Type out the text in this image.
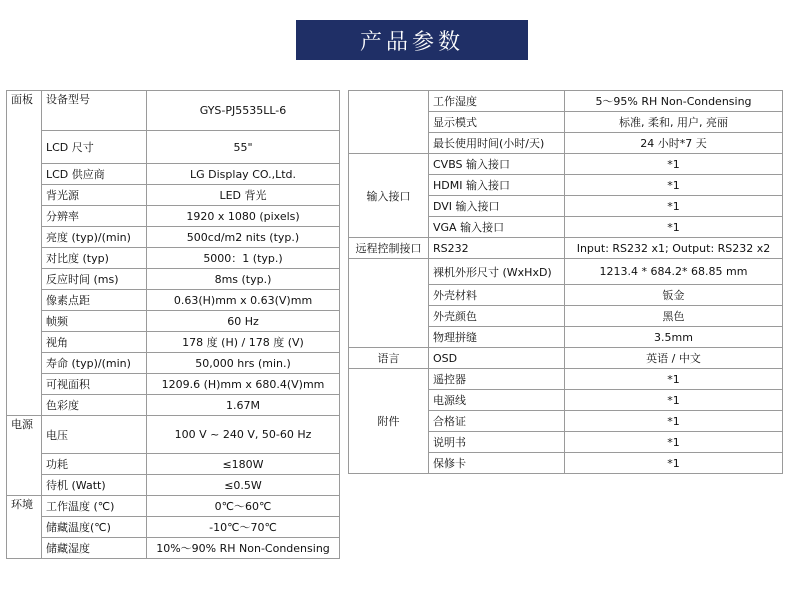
产品参数
面板	设备型号	GYS-PJ5535LL-6
	LCD 尺寸	55"
	LCD 供应商	LG Display CO.,Ltd.
	背光源	LED 背光
	分辨率	1920 x 1080 (pixels)
	亮度 (typ)/(min)	500cd/m2 nits (typ.)
	对比度 (typ)	5000：1 (typ.)
	反应时间 (ms)	8ms (typ.)
	像素点距	0.63(H)mm x 0.63(V)mm
	帧频	60 Hz
	视角	178 度 (H) / 178 度 (V)
	寿命 (typ)/(min)	50,000 hrs (min.)
	可视面积	1209.6 (H)mm x 680.4(V)mm
	色彩度	1.67M
电源	电压	100 V ~ 240 V, 50-60 Hz
	功耗	≤180W
	待机 (Watt)	≤0.5W
环境	工作温度 (℃)	0℃～60℃
	储藏温度(℃)	-10℃～70℃
	储藏湿度	10%～90% RH Non-Condensing
	工作湿度	5～95% RH Non-Condensing
	显示模式	标准, 柔和, 用户, 亮丽
	最长使用时间(小时/天)	24 小时*7 天
输入接口	CVBS 输入接口	*1
	HDMI 输入接口	*1
	DVI 输入接口	*1
	VGA 输入接口	*1
远程控制接口	RS232	Input: RS232 x1; Output: RS232 x2
	裸机外形尺寸 (WxHxD)	1213.4 * 684.2* 68.85 mm
	外壳材料	钣金
	外壳颜色	黑色
	物理拼缝	3.5mm
语言	OSD	英语 / 中文
附件	遥控器	*1
	电源线	*1
	合格证	*1
	说明书	*1
	保修卡	*1
